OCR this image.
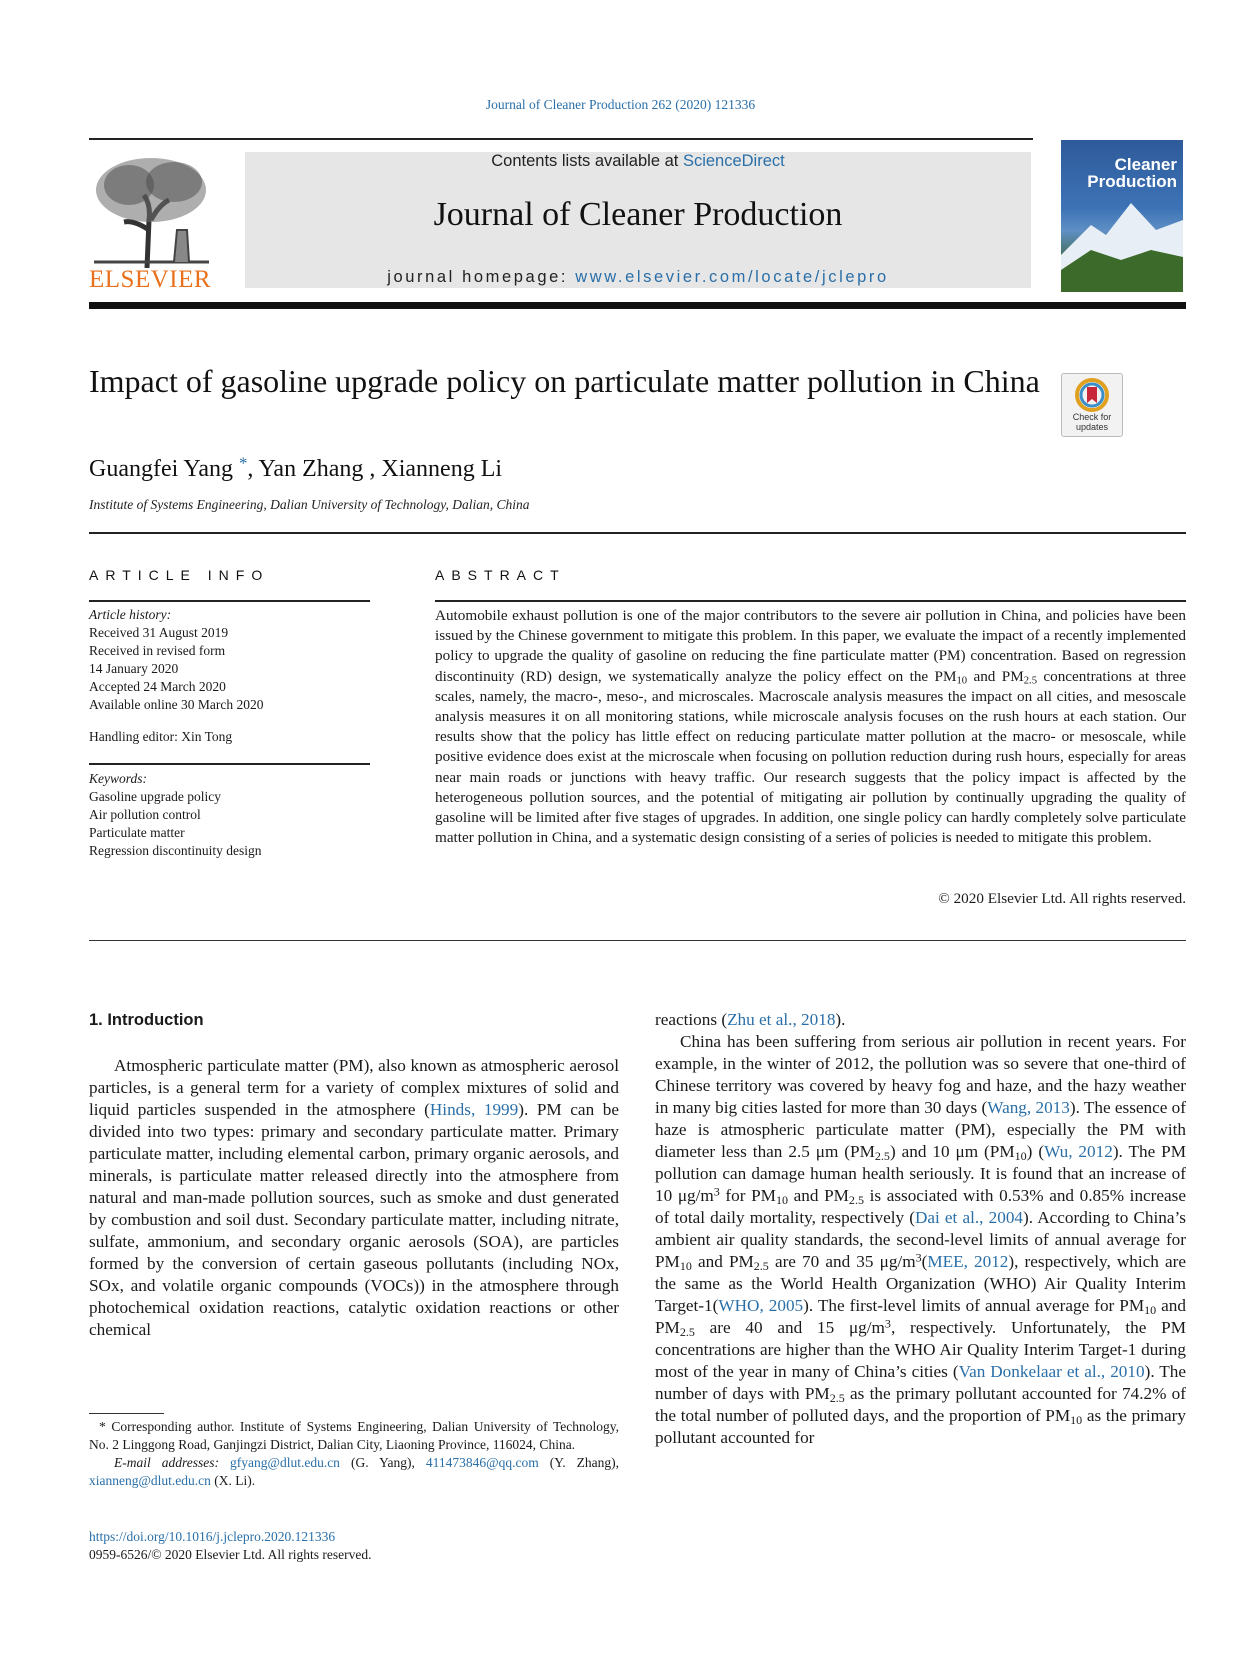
Journal of Cleaner Production 262 (2020) 121336
ELSEVIER
Contents lists available at ScienceDirect
Journal of Cleaner Production
journal homepage: www.elsevier.com/locate/jclepro
Cleaner
Production
Impact of gasoline upgrade policy on particulate matter pollution in China
Check for
updates
Guangfei Yang *, Yan Zhang , Xianneng Li
Institute of Systems Engineering, Dalian University of Technology, Dalian, China
ARTICLE INFO
Article history:
Received 31 August 2019
Received in revised form
14 January 2020
Accepted 24 March 2020
Available online 30 March 2020
Handling editor: Xin Tong
Keywords:
Gasoline upgrade policy
Air pollution control
Particulate matter
Regression discontinuity design
ABSTRACT
Automobile exhaust pollution is one of the major contributors to the severe air pollution in China, and policies have been issued by the Chinese government to mitigate this problem. In this paper, we evaluate the impact of a recently implemented policy to upgrade the quality of gasoline on reducing the fine particulate matter (PM) concentration. Based on regression discontinuity (RD) design, we systematically analyze the policy effect on the $PM_{10}$ and $PM_{2.5}$ concentrations at three scales, namely, the macro-, meso-, and microscales. Macroscale analysis measures the impact on all cities, and mesoscale analysis measures it on all monitoring stations, while microscale analysis focuses on the rush hours at each station. Our results show that the policy has little effect on reducing particulate matter pollution at the macro- or mesoscale, while positive evidence does exist at the microscale when focusing on pollution reduction during rush hours, especially for areas near main roads or junctions with heavy traffic. Our research suggests that the policy impact is affected by the heterogeneous pollution sources, and the potential of mitigating air pollution by continually upgrading the quality of gasoline will be limited after five stages of upgrades. In addition, one single policy can hardly completely solve particulate matter pollution in China, and a systematic design consisting of a series of policies is needed to mitigate this problem.
© 2020 Elsevier Ltd. All rights reserved.
1. Introduction
Atmospheric particulate matter (PM), also known as atmospheric aerosol particles, is a general term for a variety of complex mixtures of solid and liquid particles suspended in the atmosphere (Hinds, 1999). PM can be divided into two types: primary and secondary particulate matter. Primary particulate matter, including elemental carbon, primary organic aerosols, and minerals, is particulate matter released directly into the atmosphere from natural and man-made pollution sources, such as smoke and dust generated by combustion and soil dust. Secondary particulate matter, including nitrate, sulfate, ammonium, and secondary organic aerosols (SOA), are particles formed by the conversion of certain gaseous pollutants (including NOx, SOx, and volatile organic compounds (VOCs)) in the atmosphere through photochemical oxidation reactions, catalytic oxidation reactions or other chemical

reactions (Zhu et al., 2018).

China has been suffering from serious air pollution in recent years. For example, in the winter of 2012, the pollution was so severe that one-third of Chinese territory was covered by heavy fog and haze, and the hazy weather in many big cities lasted for more than 30 days (Wang, 2013). The essence of haze is atmospheric particulate matter (PM), especially the PM with diameter less than 2.5 μm $(PM_{2.5})$ and 10 μm $(PM_{10})$ (Wu, 2012). The PM pollution can damage human health seriously. It is found that an increase of 10 $\mu g/m^3$ for $PM_{10}$ and $PM_{2.5}$ is associated with 0.53% and 0.85% increase of total daily mortality, respectively (Dai et al., 2004). According to China’s ambient air quality standards, the second-level limits of annual average for $PM_{10}$ and $PM_{2.5}$ are 70 and 35 $\mu g/m^3(MEE$, 2012), respectively, which are the same as the World Health Organization (WHO) Air Quality Interim Target-1(WHO, 2005). The first-level limits of annual average for $PM_{10}$ and $PM_{2.5}$ are 40 and 15 $\mu g/m^3$, respectively. Unfortunately, the PM concentrations are higher than the WHO Air Quality Interim Target-1 during most of the year in many of China’s cities (Van Donkelaar et al., 2010). The number of days with $PM_{2.5}$ as the primary pollutant accounted for 74.2% of the total number of polluted days, and the proportion of $PM_{10}$ as the primary pollutant accounted for

* Corresponding author. Institute of Systems Engineering, Dalian University of Technology, No. 2 Linggong Road, Ganjingzi District, Dalian City, Liaoning Province, 116024, China.
E-mail addresses: gfyang@dlut.edu.cn (G. Yang), 411473846@qq.com (Y. Zhang), xianneng@dlut.edu.cn (X. Li).
https://doi.org/10.1016/j.jclepro.2020.121336
0959-6526/© 2020 Elsevier Ltd. All rights reserved.
